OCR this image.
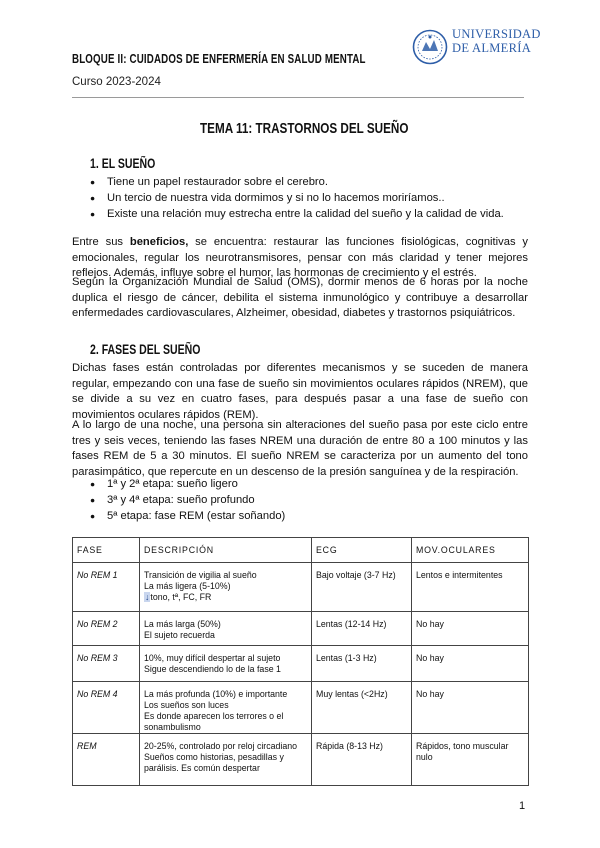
BLOQUE II: CUIDADOS DE ENFERMERÍA EN SALUD MENTAL
Curso 2023-2024
UNIVERSIDAD
DE ALMERÍA
TEMA 11: TRASTORNOS DEL SUEÑO
1. EL SUEÑO
● Tiene un papel restaurador sobre el cerebro.
● Un tercio de nuestra vida dormimos y si no lo hacemos moriríamos..
● Existe una relación muy estrecha entre la calidad del sueño y la calidad de vida.

Entre sus beneficios, se encuentra: restaurar las funciones fisiológicas, cognitivas y emocionales, regular los neurotransmisores, pensar con más claridad y tener mejores reflejos. Además, influye sobre el humor, las hormonas de crecimiento y el estrés.

Según la Organización Mundial de Salud (OMS), dormir menos de 6 horas por la noche duplica el riesgo de cáncer, debilita el sistema inmunológico y contribuye a desarrollar enfermedades cardiovasculares, Alzheimer, obesidad, diabetes y trastornos psiquiátricos.

2. FASES DEL SUEÑO

Dichas fases están controladas por diferentes mecanismos y se suceden de manera regular, empezando con una fase de sueño sin movimientos oculares rápidos (NREM), que se divide a su vez en cuatro fases, para después pasar a una fase de sueño con movimientos oculares rápidos (REM).

A lo largo de una noche, una persona sin alteraciones del sueño pasa por este ciclo entre tres y seis veces, teniendo las fases NREM una duración de entre 80 a 100 minutos y las fases REM de 5 a 30 minutos. El sueño NREM se caracteriza por un aumento del tono parasimpático, que repercute en un descenso de la presión sanguínea y de la respiración.

● 1ª y 2ª etapa: sueño ligero
● 3ª y 4ª etapa: sueño profundo
● 5ª etapa: fase REM (estar soñando)
FASE	DESCRIPCIÓN	ECG	MOV.OCULARES
No REM 1	Transición de vigilia al sueño
La más ligera (5-10%)
↓tono, tª, FC, FR	Bajo voltaje (3-7 Hz)	Lentos e intermitentes
No REM 2	La más larga (50%)
El sujeto recuerda	Lentas (12-14 Hz)	No hay
No REM 3	10%, muy difícil despertar al sujeto
Sigue descendiendo lo de la fase 1	Lentas (1-3 Hz)	No hay
No REM 4	La más profunda (10%) e importante
Los sueños son luces
Es donde aparecen los terrores o el
sonambulismo	Muy lentas (<2Hz)	No hay
REM	20-25%, controlado por reloj circadiano
Sueños como historias, pesadillas y
parálisis. Es común despertar	Rápida (8-13 Hz)	Rápidos, tono muscular
nulo
1
